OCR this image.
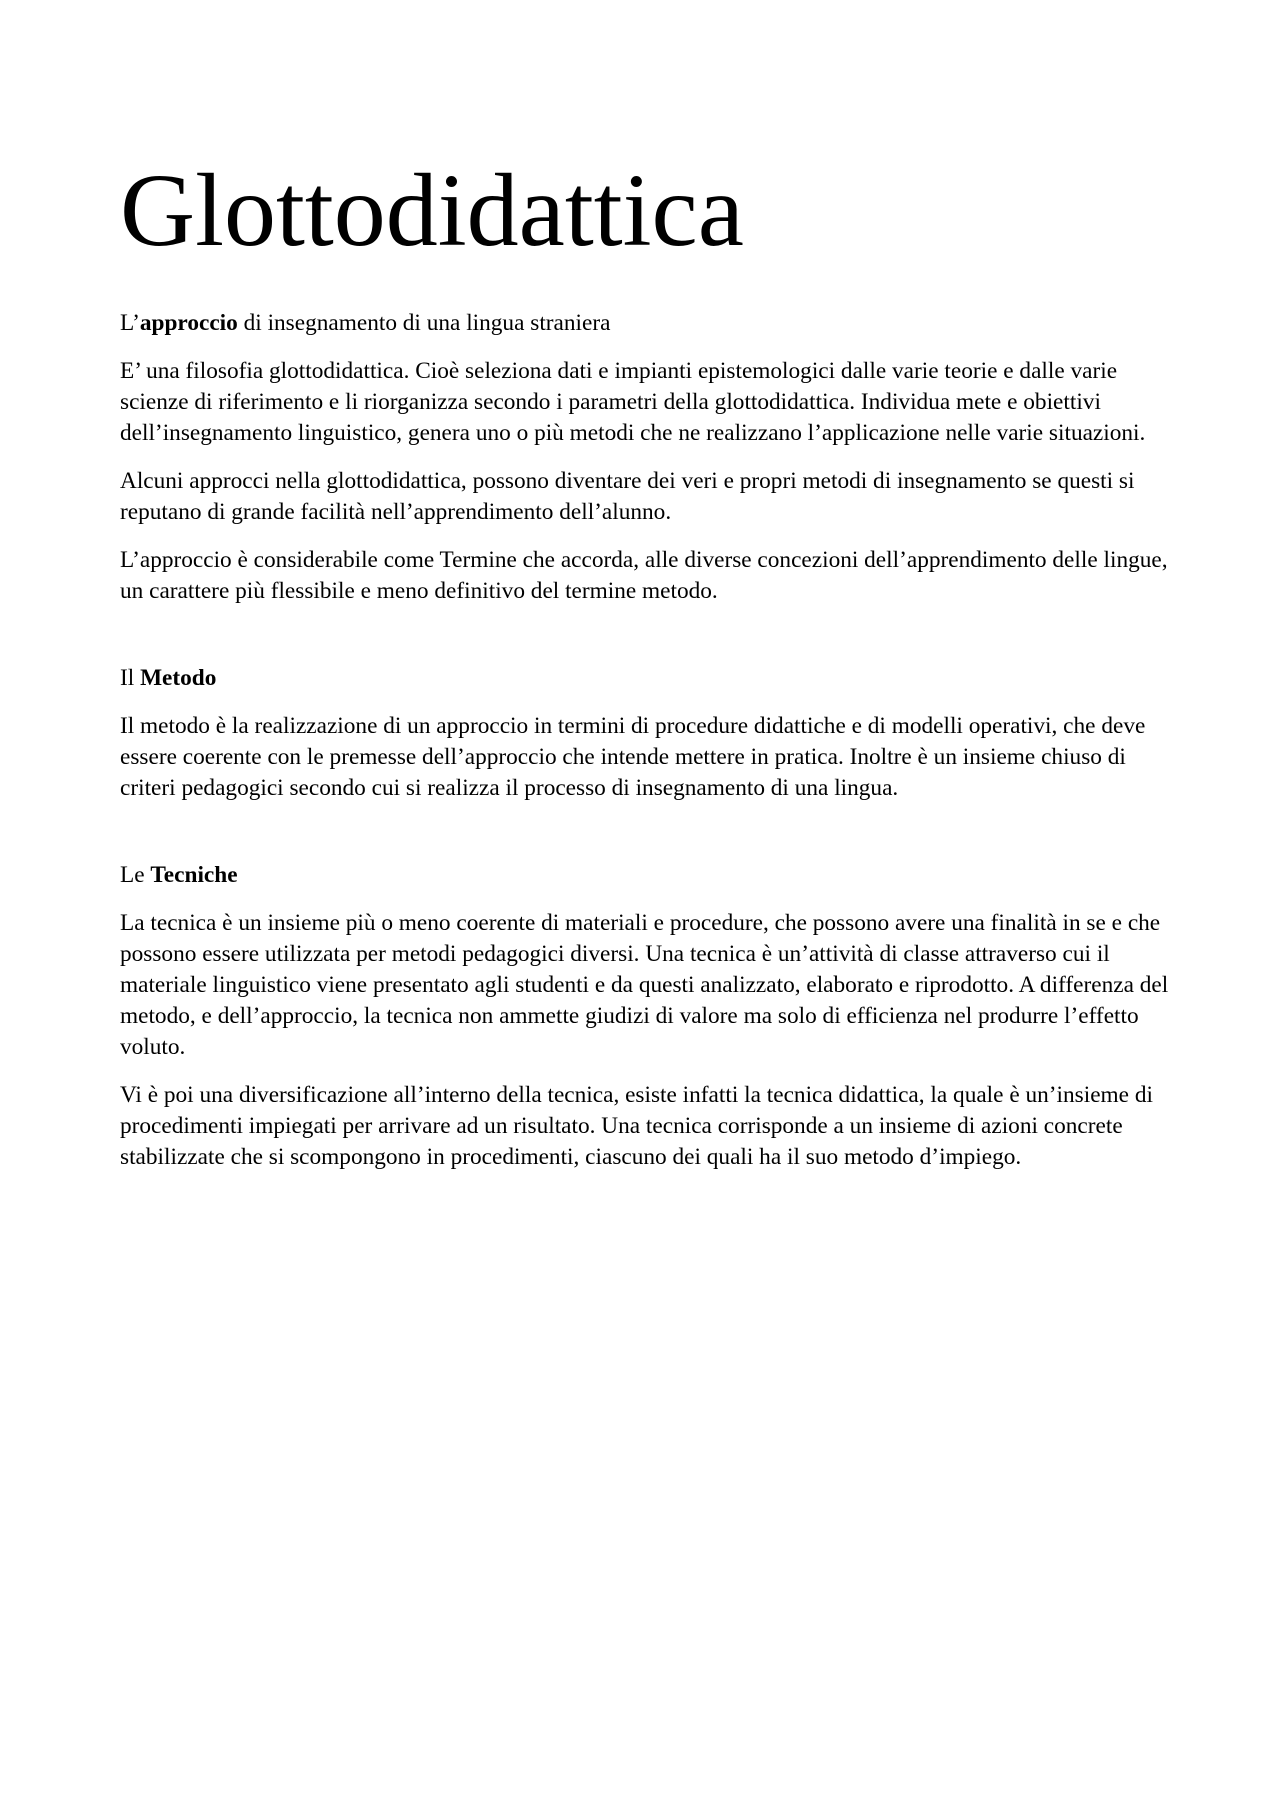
Glottodidattica

L’approccio di insegnamento di una lingua straniera

E’ una filosofia glottodidattica. Cioè seleziona dati e impianti epistemologici dalle varie teorie e dalle varie scienze di riferimento e li riorganizza secondo i parametri della glottodidattica. Individua mete e obiettivi dell’insegnamento linguistico, genera uno o più metodi che ne realizzano l’applicazione nelle varie situazioni.

Alcuni approcci nella glottodidattica, possono diventare dei veri e propri metodi di insegnamento se questi si reputano di grande facilità nell’apprendimento dell’alunno.

L’approccio è considerabile come Termine che accorda, alle diverse concezioni dell’apprendimento delle lingue, un carattere più flessibile e meno definitivo del termine metodo.

Il Metodo

Il metodo è la realizzazione di un approccio in termini di procedure didattiche e di modelli operativi, che deve essere coerente con le premesse dell’approccio che intende mettere in pratica. Inoltre è un insieme chiuso di criteri pedagogici secondo cui si realizza il processo di insegnamento di una lingua.

Le Tecniche

La tecnica è un insieme più o meno coerente di materiali e procedure, che possono avere una finalità in se e che possono essere utilizzata per metodi pedagogici diversi. Una tecnica è un’attività di classe attraverso cui il materiale linguistico viene presentato agli studenti e da questi analizzato, elaborato e riprodotto. A differenza del metodo, e dell’approccio, la tecnica non ammette giudizi di valore ma solo di efficienza nel produrre l’effetto voluto.

Vi è poi una diversificazione all’interno della tecnica, esiste infatti la tecnica didattica, la quale è un’insieme di procedimenti impiegati per arrivare ad un risultato. Una tecnica corrisponde a un insieme di azioni concrete stabilizzate che si scompongono in procedimenti, ciascuno dei quali ha il suo metodo d’impiego.
